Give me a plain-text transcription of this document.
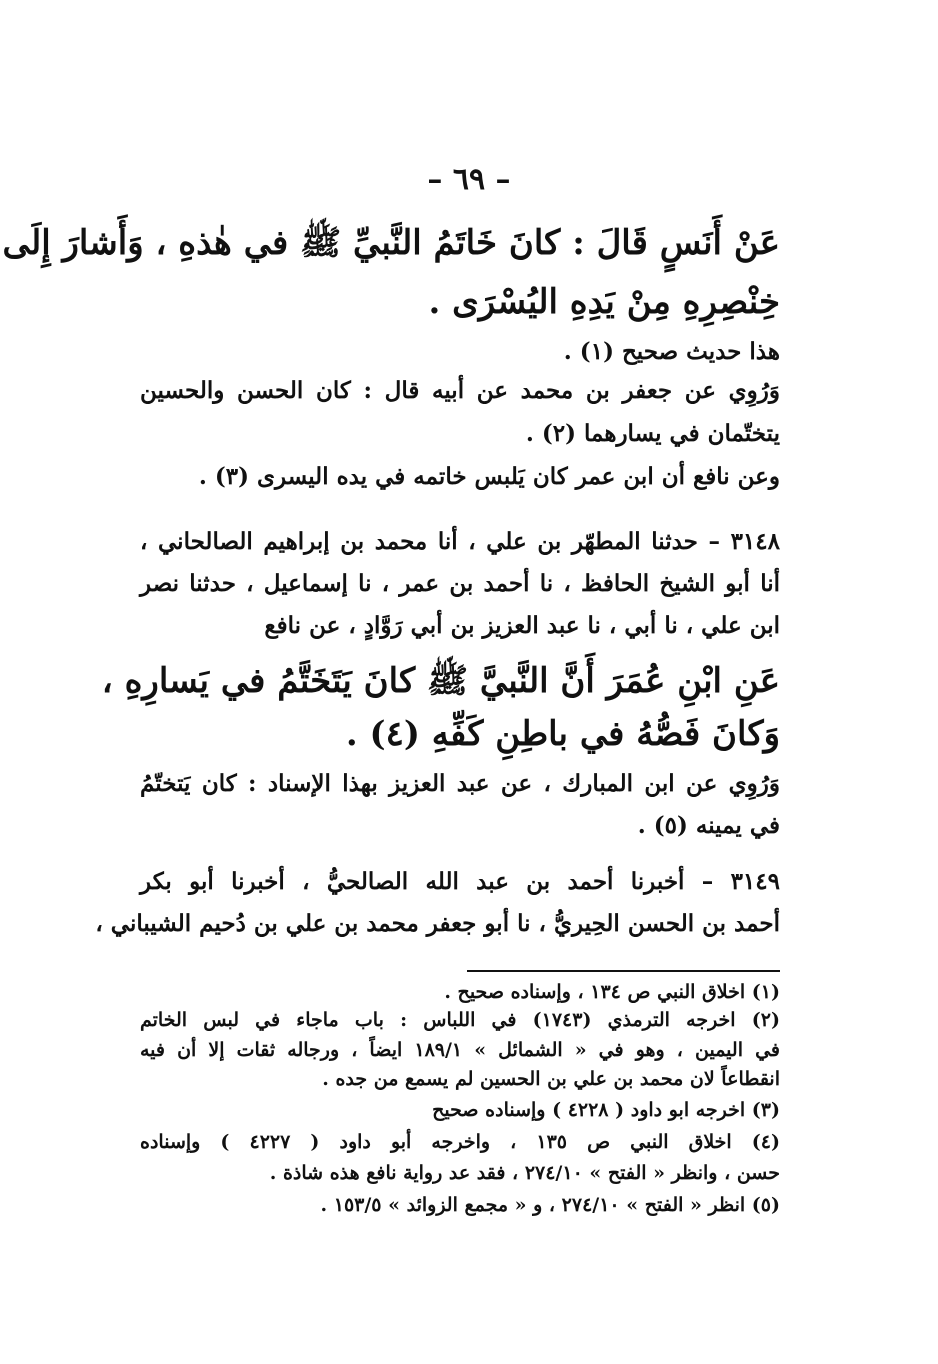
– ٦٩ –
عَنْ أَنَسٍ قَالَ : كانَ خَاتَمُ النَّبيِّ ﷺ في هٰذهِ ، وَأَشارَ إِلَى
خِنْصِرِهِ مِنْ يَدِهِ اليُسْرَى .
هذا حديث صحيح (١) .
وَرُوِي عن جعفر بن محمد عن أبيه قال : كان الحسن والحسين
يتختّمان في يسارهما (٢) .
وعن نافع أن ابن عمر كان يَلبس خاتمه في يده اليسرى (٣) .
٣١٤٨ – حدثنا المطهّر بن علي ، أنا محمد بن إبراهيم الصالحاني ،
أنا أبو الشيخ الحافظ ، نا أحمد بن عمر ، نا إسماعيل ، حدثنا نصر
ابن علي ، نا أبي ، نا عبد العزيز بن أبي رَوَّادٍ ، عن نافع
عَنِ ابْنِ عُمَرَ أَنَّ النَّبيَّ ﷺ كانَ يَتَخَتَّمُ في يَسارِهِ ،
وَكانَ فَصُّهُ في باطِنِ كَفِّهِ (٤) .
وَرُوِي عن ابن المبارك ، عن عبد العزيز بهذا الإسناد : كان يَتختّمُ
في يمينه (٥) .
٣١٤٩ – أخبرنا أحمد بن عبد الله الصالحيُّ ، أخبرنا أبو بكر
أحمد بن الحسن الحِيريُّ ، نا أبو جعفر محمد بن علي بن دُحيم الشيباني ،
(١) اخلاق النبي ص ١٣٤ ، وإسناده صحيح .
(٢) اخرجه الترمذي (١٧٤٣) في اللباس : باب ماجاء في لبس الخاتم
في اليمين ، وهو في « الشمائل » ١٨٩/١ ايضاً ، ورجاله ثقات إلا أن فيه
انقطاعاً لان محمد بن علي بن الحسين لم يسمع من جده .
(٣) اخرجه ابو داود ( ٤٢٢٨ ) وإسناده صحيح
(٤) اخلاق النبي ص ١٣٥ ، واخرجه أبو داود ( ٤٢٢٧ ) وإسناده
حسن ، وانظر « الفتح » ٢٧٤/١٠ ، فقد عد رواية نافع هذه شاذة .
(٥) انظر « الفتح » ٢٧٤/١٠ ، و « مجمع الزوائد » ١٥٣/٥ .
